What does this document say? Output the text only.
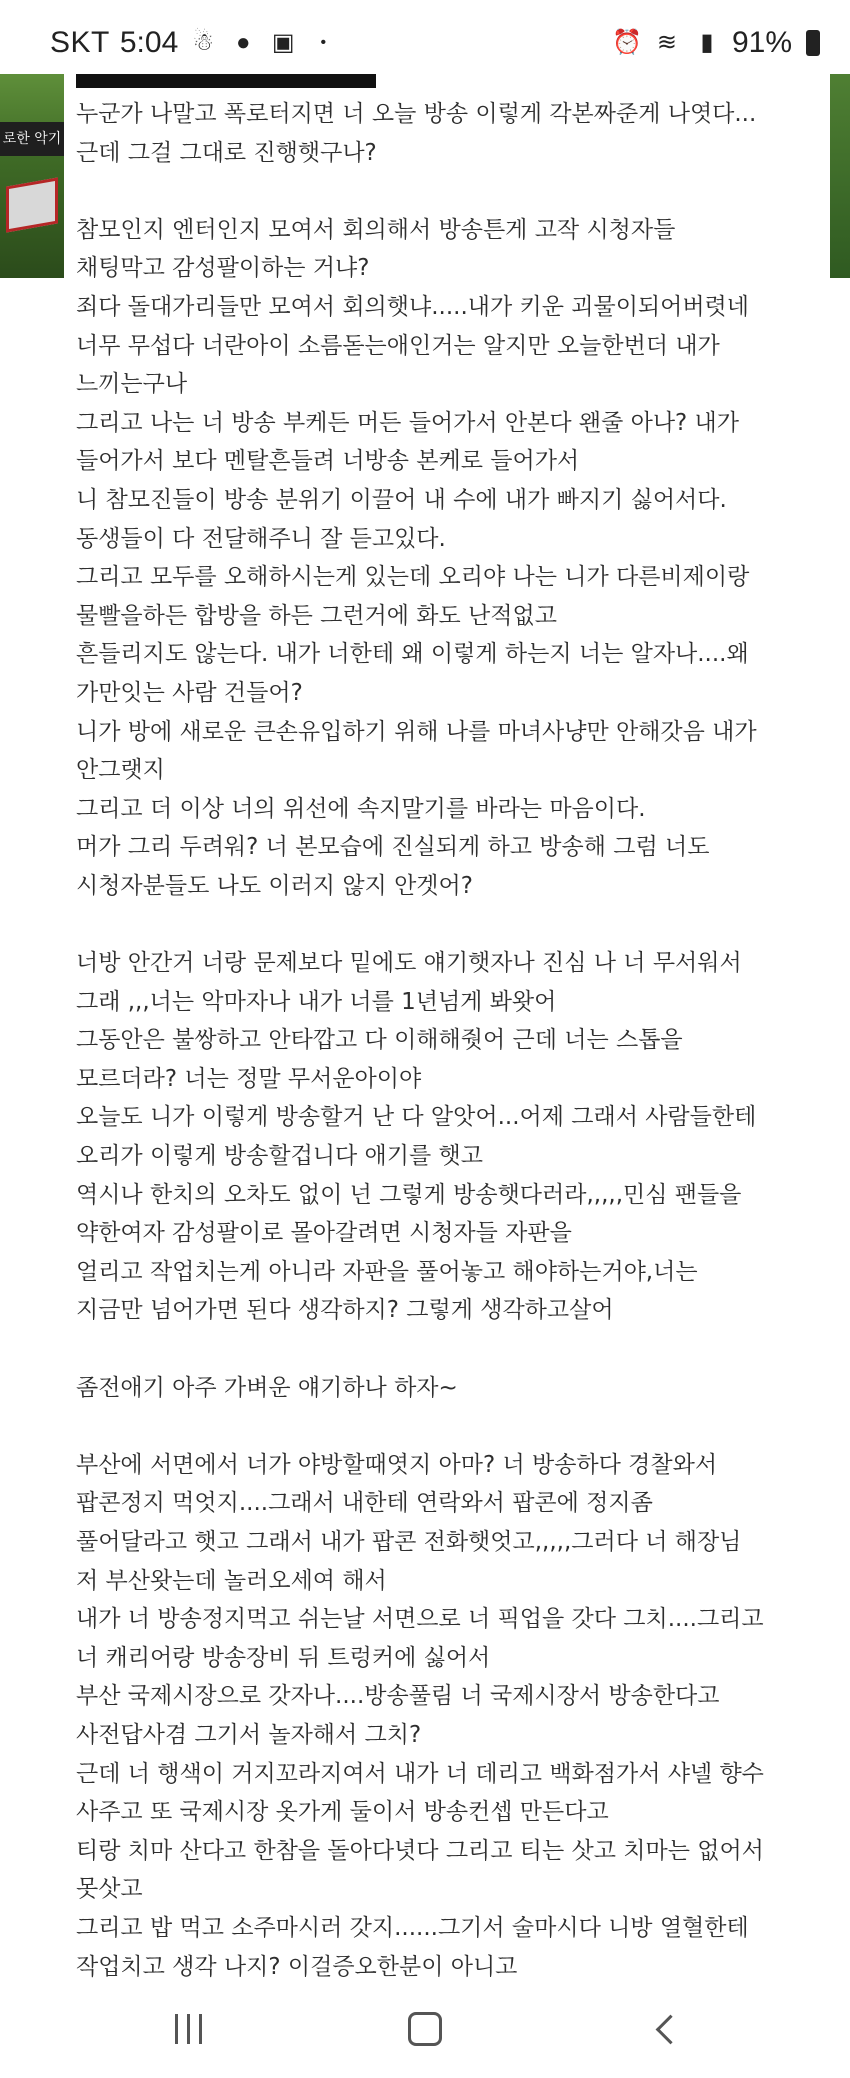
SKT 5:04 ☃ ● ▣	•	⏰ ≋ ▮ 91%
로한 악기

누군가 나말고 폭로터지면 너 오늘 방송 이렇게 각본짜준게 나엿다...

근데 그걸 그대로 진행햇구나?

참모인지 엔터인지 모여서 회의해서 방송튼게 고작 시청자들 채팅막고 감성팔이하는 거냐?

죄다 돌대가리들만 모여서 회의햇냐.....내가 키운 괴물이되어버렷네

너무 무섭다 너란아이 소름돋는애인거는 알지만 오늘한번더 내가 느끼는구나

그리고 나는 너 방송 부케든 머든 들어가서 안본다 왠줄 아나? 내가 들어가서 보다 멘탈흔들려 너방송 본케로 들어가서

니 참모진들이 방송 분위기 이끌어 내 수에 내가 빠지기 싫어서다. 동생들이 다 전달해주니 잘 듣고있다.

그리고 모두를 오해하시는게 있는데 오리야 나는 니가 다른비제이랑 물빨을하든 합방을 하든 그런거에 화도 난적없고

흔들리지도 않는다. 내가 너한테 왜 이렇게 하는지 너는 알자나....왜 가만잇는 사람 건들어?

니가 방에 새로운 큰손유입하기 위해 나를 마녀사냥만 안해갓음 내가 안그랫지

그리고 더 이상 너의 위선에 속지말기를 바라는 마음이다.

머가 그리 두려워? 너 본모습에 진실되게 하고 방송해 그럼 너도 시청자분들도 나도 이러지 않지 안겟어?

너방 안간거 너랑 문제보다 밑에도 얘기햇자나 진심 나 너 무서워서 그래 ,,,너는 악마자나 내가 너를 1년넘게 봐왓어

그동안은 불쌍하고 안타깝고 다 이해해줫어 근데 너는 스톱을 모르더라? 너는 정말 무서운아이야

오늘도 니가 이렇게 방송할거 난 다 알앗어...어제 그래서 사람들한테 오리가 이렇게 방송할겁니다 애기를 햇고

역시나 한치의 오차도 없이 넌 그렇게 방송햇다러라,,,,,민심 팬들을 약한여자 감성팔이로 몰아갈려면 시청자들 자판을

얼리고 작업치는게 아니라 자판을 풀어놓고 해야하는거야,너는 지금만 넘어가면 된다 생각하지? 그렇게 생각하고살어

좀전애기 아주 가벼운 얘기하나 하자~

부산에 서면에서 너가 야방할때엿지 아마? 너 방송하다 경찰와서 팝콘정지 먹엇지....그래서 내한테 연락와서 팝콘에 정지좀

풀어달라고 햇고 그래서 내가 팝콘 전화햇엇고,,,,,그러다 너 해장님 저 부산왓는데 놀러오세여 해서

내가 너 방송정지먹고 쉬는날 서면으로 너 픽업을 갓다 그치....그리고 너 캐리어랑 방송장비 뒤 트렁커에 싫어서

부산 국제시장으로 갓자나....방송풀림 너 국제시장서 방송한다고 사전답사겸 그기서 놀자해서 그치?

근데 너 행색이 거지꼬라지여서 내가 너 데리고 백화점가서 샤넬 향수 사주고 또 국제시장 옷가게 둘이서 방송컨셉 만든다고

티랑 치마 산다고 한참을 돌아다녓다 그리고 티는 삿고 치마는 없어서 못삿고

그리고 밥 먹고 소주마시러 갓지......그기서 술마시다 니방 열혈한테

작업치고 생각 나지? 이걸증오한분이 아니고
